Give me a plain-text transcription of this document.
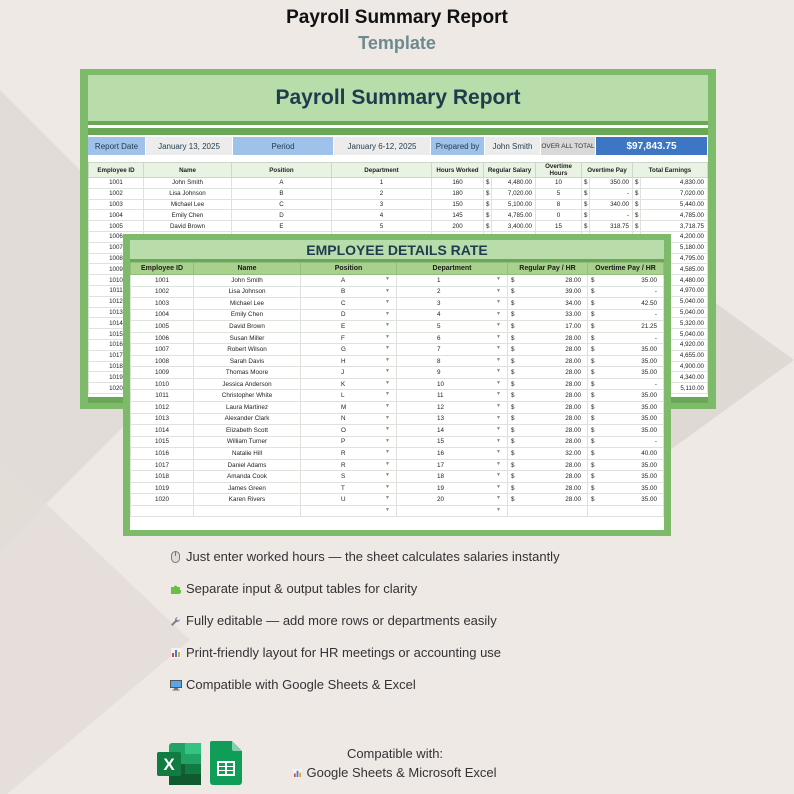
Payroll Summary Report
Template
Payroll Summary Report
Report Date	January 13, 2025	Period	January 6-12, 2025	Prepared by	John Smith	OVER ALL TOTAL	$97,843.75
Employee ID	Name	Position	Department	Hours Worked	Regular Salary		Overtime Hours	Overtime Pay		Total Earnings	
1001	John Smith	A	1	160	$	4,480.00	10	$	350.00	$	4,830.00
1002	Lisa Johnson	B	2	180	$	7,020.00	5	$	-	$	7,020.00
1003	Michael Lee	C	3	150	$	5,100.00	8	$	340.00	$	5,440.00
1004	Emily Chen	D	4	145	$	4,785.00	0	$	-	$	4,785.00
1005	David Brown	E	5	200	$	3,400.00	15	$	318.75	$	3,718.75
1006											4,200.00
1007											5,180.00
1008											4,795.00
1009											4,585.00
1010											4,480.00
1011											4,970.00
1012											5,040.00
1013											5,040.00
1014											5,320.00
1015											5,040.00
1016											4,920.00
1017											4,655.00
1018											4,900.00
1019											4,340.00
1020											5,110.00
EMPLOYEE DETAILS RATE
Employee ID	Name	Position	Department	Regular Pay / HR	Overtime Pay / HR
1001	John Smith	A ▼	1 ▼	$ 28.00	$ 35.00
1002	Lisa Johnson	B ▼	2 ▼	$ 39.00	$ -
1003	Michael Lee	C ▼	3 ▼	$ 34.00	$ 42.50
1004	Emily Chen	D ▼	4 ▼	$ 33.00	$ -
1005	David Brown	E ▼	5 ▼	$ 17.00	$ 21.25
1006	Susan Miller	F ▼	6 ▼	$ 28.00	$ -
1007	Robert Wilson	G ▼	7 ▼	$ 28.00	$ 35.00
1008	Sarah Davis	H ▼	8 ▼	$ 28.00	$ 35.00
1009	Thomas Moore	J ▼	9 ▼	$ 28.00	$ 35.00
1010	Jessica Anderson	K ▼	10 ▼	$ 28.00	$ -
1011	Christopher White	L ▼	11 ▼	$ 28.00	$ 35.00
1012	Laura Martinez	M ▼	12 ▼	$ 28.00	$ 35.00
1013	Alexander Clark	N ▼	13 ▼	$ 28.00	$ 35.00
1014	Elizabeth Scott	O ▼	14 ▼	$ 28.00	$ 35.00
1015	William Turner	P ▼	15 ▼	$ 28.00	$ -
1016	Natalie Hill	R ▼	16 ▼	$ 32.00	$ 40.00
1017	Daniel Adams	R ▼	17 ▼	$ 28.00	$ 35.00
1018	Amanda Cook	S ▼	18 ▼	$ 28.00	$ 35.00
1019	James Green	T ▼	19 ▼	$ 28.00	$ 35.00
1020	Karen Rivers	U ▼	20 ▼	$ 28.00	$ 35.00

		▼	▼		

Just enter worked hours — the sheet calculates salaries instantly
Separate input & output tables for clarity
Fully editable — add more rows or departments easily
Print-friendly layout for HR meetings or accounting use
Compatible with Google Sheets & Excel
X
Compatible with:
Google Sheets & Microsoft Excel
